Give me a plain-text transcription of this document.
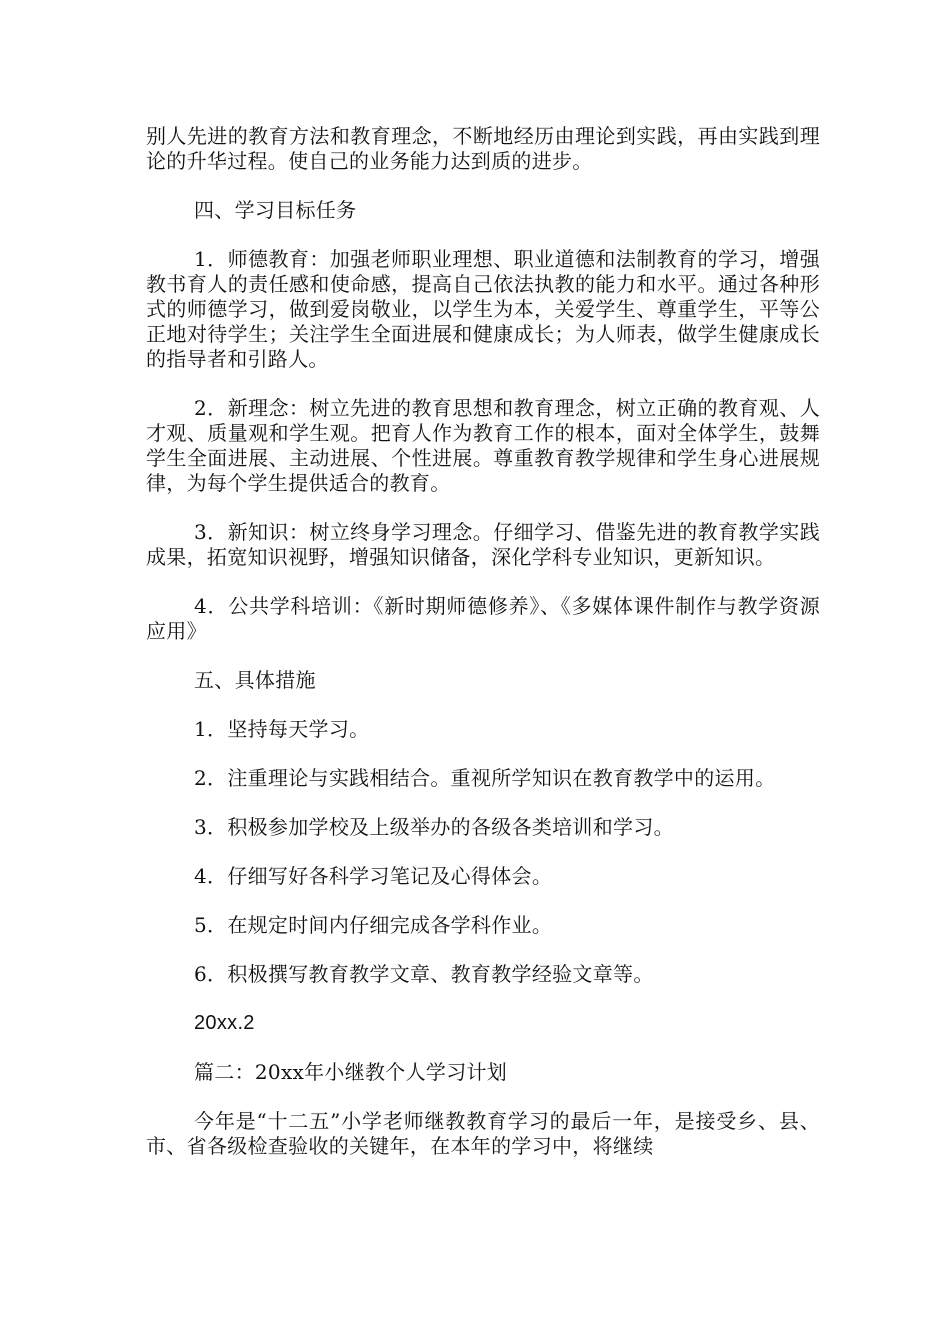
别人先进的教育方法和教育理念，不断地经历由理论到实践，再由实践到理论的升华过程。使自己的业务能力达到质的进步。

四、学习目标任务

1．师德教育：加强老师职业理想、职业道德和法制教育的学习，增强教书育人的责任感和使命感，提高自己依法执教的能力和水平。通过各种形式的师德学习，做到爱岗敬业，以学生为本，关爱学生、尊重学生，平等公正地对待学生；关注学生全面进展和健康成长；为人师表，做学生健康成长的指导者和引路人。

2．新理念：树立先进的教育思想和教育理念，树立正确的教育观、人才观、质量观和学生观。把育人作为教育工作的根本，面对全体学生，鼓舞学生全面进展、主动进展、个性进展。尊重教育教学规律和学生身心进展规律，为每个学生提供适合的教育。

3．新知识：树立终身学习理念。仔细学习、借鉴先进的教育教学实践成果，拓宽知识视野，增强知识储备，深化学科专业知识，更新知识。

4．公共学科培训：《新时期师德修养》、《多媒体课件制作与教学资源应用》

五、具体措施

1．坚持每天学习。

2．注重理论与实践相结合。重视所学知识在教育教学中的运用。

3．积极参加学校及上级举办的各级各类培训和学习。

4．仔细写好各科学习笔记及心得体会。

5．在规定时间内仔细完成各学科作业。

6．积极撰写教育教学文章、教育教学经验文章等。

20xx.2

篇二：20xx年小继教个人学习计划

今年是“十二五”小学老师继教教育学习的最后一年，是接受乡、县、市、省各级检查验收的关键年，在本年的学习中，将继续
